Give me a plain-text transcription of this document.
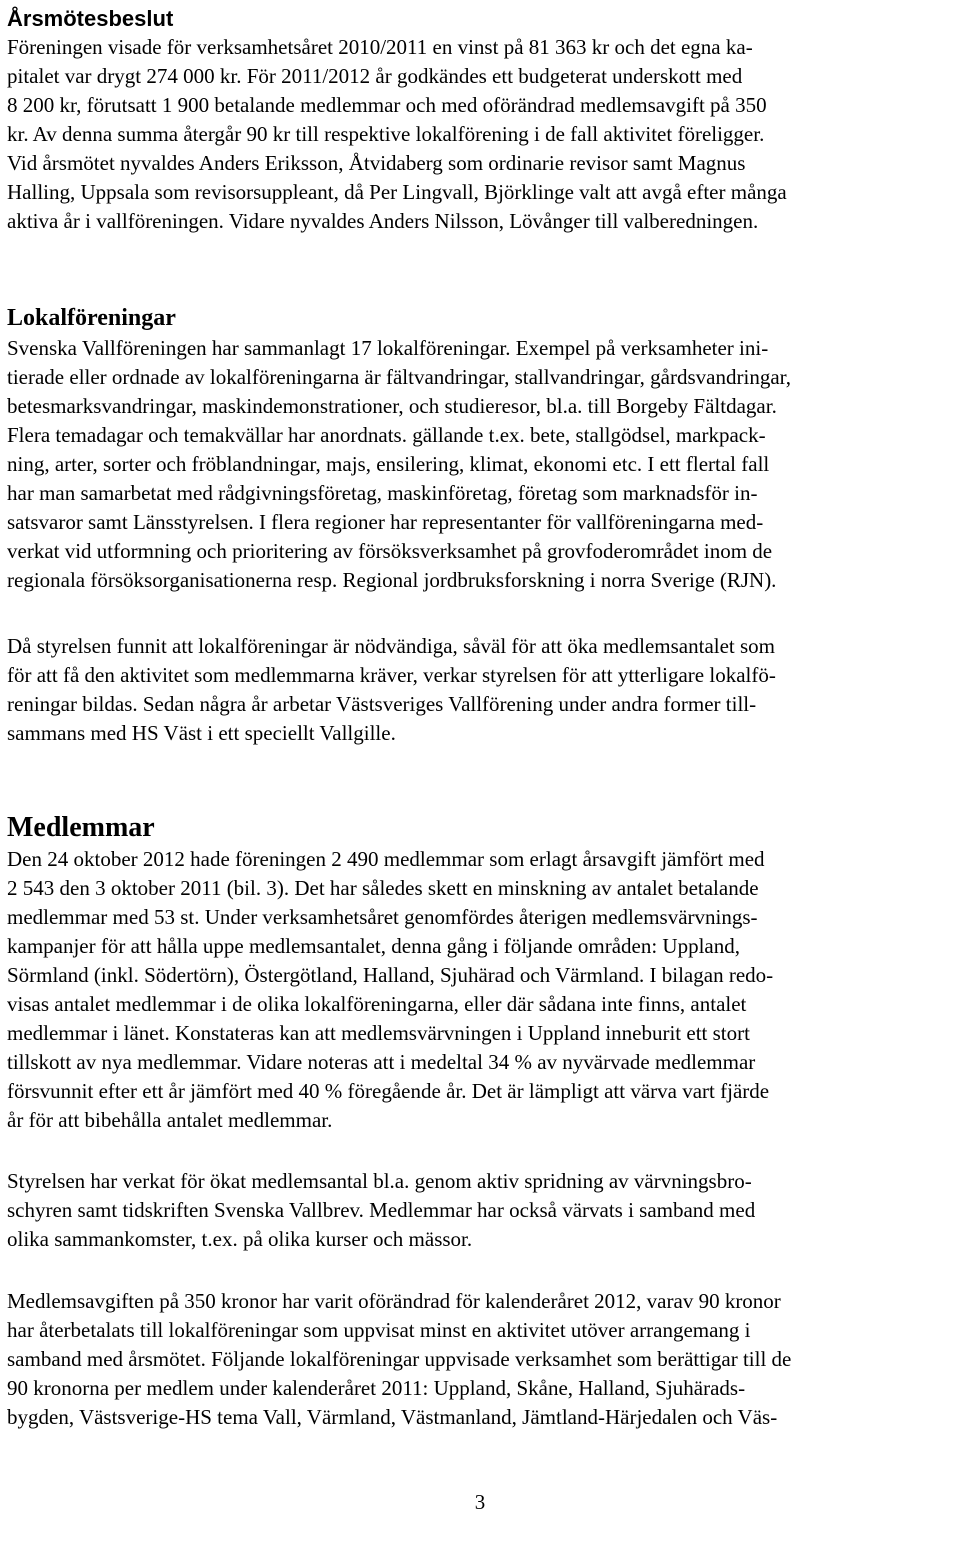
Årsmötesbeslut
Föreningen visade för verksamhetsåret 2010/2011 en vinst på 81 363 kr och det egna ka-
pitalet var drygt 274 000 kr. För 2011/2012 år godkändes ett budgeterat underskott med
8 200 kr, förutsatt 1 900 betalande medlemmar och med oförändrad medlemsavgift på 350
kr. Av denna summa återgår 90 kr till respektive lokalförening i de fall aktivitet föreligger.
Vid årsmötet nyvaldes Anders Eriksson, Åtvidaberg som ordinarie revisor samt Magnus
Halling, Uppsala som revisorsuppleant, då Per Lingvall, Björklinge valt att avgå efter många
aktiva år i vallföreningen. Vidare nyvaldes Anders Nilsson, Lövånger till valberedningen.
Lokalföreningar
Svenska Vallföreningen har sammanlagt 17 lokalföreningar. Exempel på verksamheter ini-
tierade eller ordnade av lokalföreningarna är fältvandringar, stallvandringar, gårdsvandringar,
betesmarksvandringar, maskindemonstrationer, och studieresor, bl.a. till Borgeby Fältdagar.
Flera temadagar och temakvällar har anordnats. gällande t.ex. bete, stallgödsel, markpack-
ning, arter, sorter och fröblandningar, majs, ensilering, klimat, ekonomi etc. I ett flertal fall
har man samarbetat med rådgivningsföretag, maskinföretag, företag som marknadsför in-
satsvaror samt Länsstyrelsen. I flera regioner har representanter för vallföreningarna med-
verkat vid utformning och prioritering av försöksverksamhet på grovfoderområdet inom de
regionala försöksorganisationerna resp. Regional jordbruksforskning i norra Sverige (RJN).
Då styrelsen funnit att lokalföreningar är nödvändiga, såväl för att öka medlemsantalet som
för att få den aktivitet som medlemmarna kräver, verkar styrelsen för att ytterligare lokalfö-
reningar bildas. Sedan några år arbetar Västsveriges Vallförening under andra former till-
sammans med HS Väst i ett speciellt Vallgille.
Medlemmar
Den 24 oktober 2012 hade föreningen 2 490 medlemmar som erlagt årsavgift jämfört med
2 543 den 3 oktober 2011 (bil. 3). Det har således skett en minskning av antalet betalande
medlemmar med 53 st. Under verksamhetsåret genomfördes återigen medlemsvärvnings-
kampanjer för att hålla uppe medlemsantalet, denna gång i följande områden: Uppland,
Sörmland (inkl. Södertörn), Östergötland, Halland, Sjuhärad och Värmland. I bilagan redo-
visas antalet medlemmar i de olika lokalföreningarna, eller där sådana inte finns, antalet
medlemmar i länet. Konstateras kan att medlemsvärvningen i Uppland inneburit ett stort
tillskott av nya medlemmar. Vidare noteras att i medeltal 34 % av nyvärvade medlemmar
försvunnit efter ett år jämfört med 40 % föregående år. Det är lämpligt att värva vart fjärde
år för att bibehålla antalet medlemmar.
Styrelsen har verkat för ökat medlemsantal bl.a. genom aktiv spridning av värvningsbro-
schyren samt tidskriften Svenska Vallbrev. Medlemmar har också värvats i samband med
olika sammankomster, t.ex. på olika kurser och mässor.
Medlemsavgiften på 350 kronor har varit oförändrad för kalenderåret 2012, varav 90 kronor
har återbetalats till lokalföreningar som uppvisat minst en aktivitet utöver arrangemang i
samband med årsmötet. Följande lokalföreningar uppvisade verksamhet som berättigar till de
90 kronorna per medlem under kalenderåret 2011: Uppland, Skåne, Halland, Sjuhärads-
bygden, Västsverige-HS tema Vall, Värmland, Västmanland, Jämtland-Härjedalen och Väs-
3
